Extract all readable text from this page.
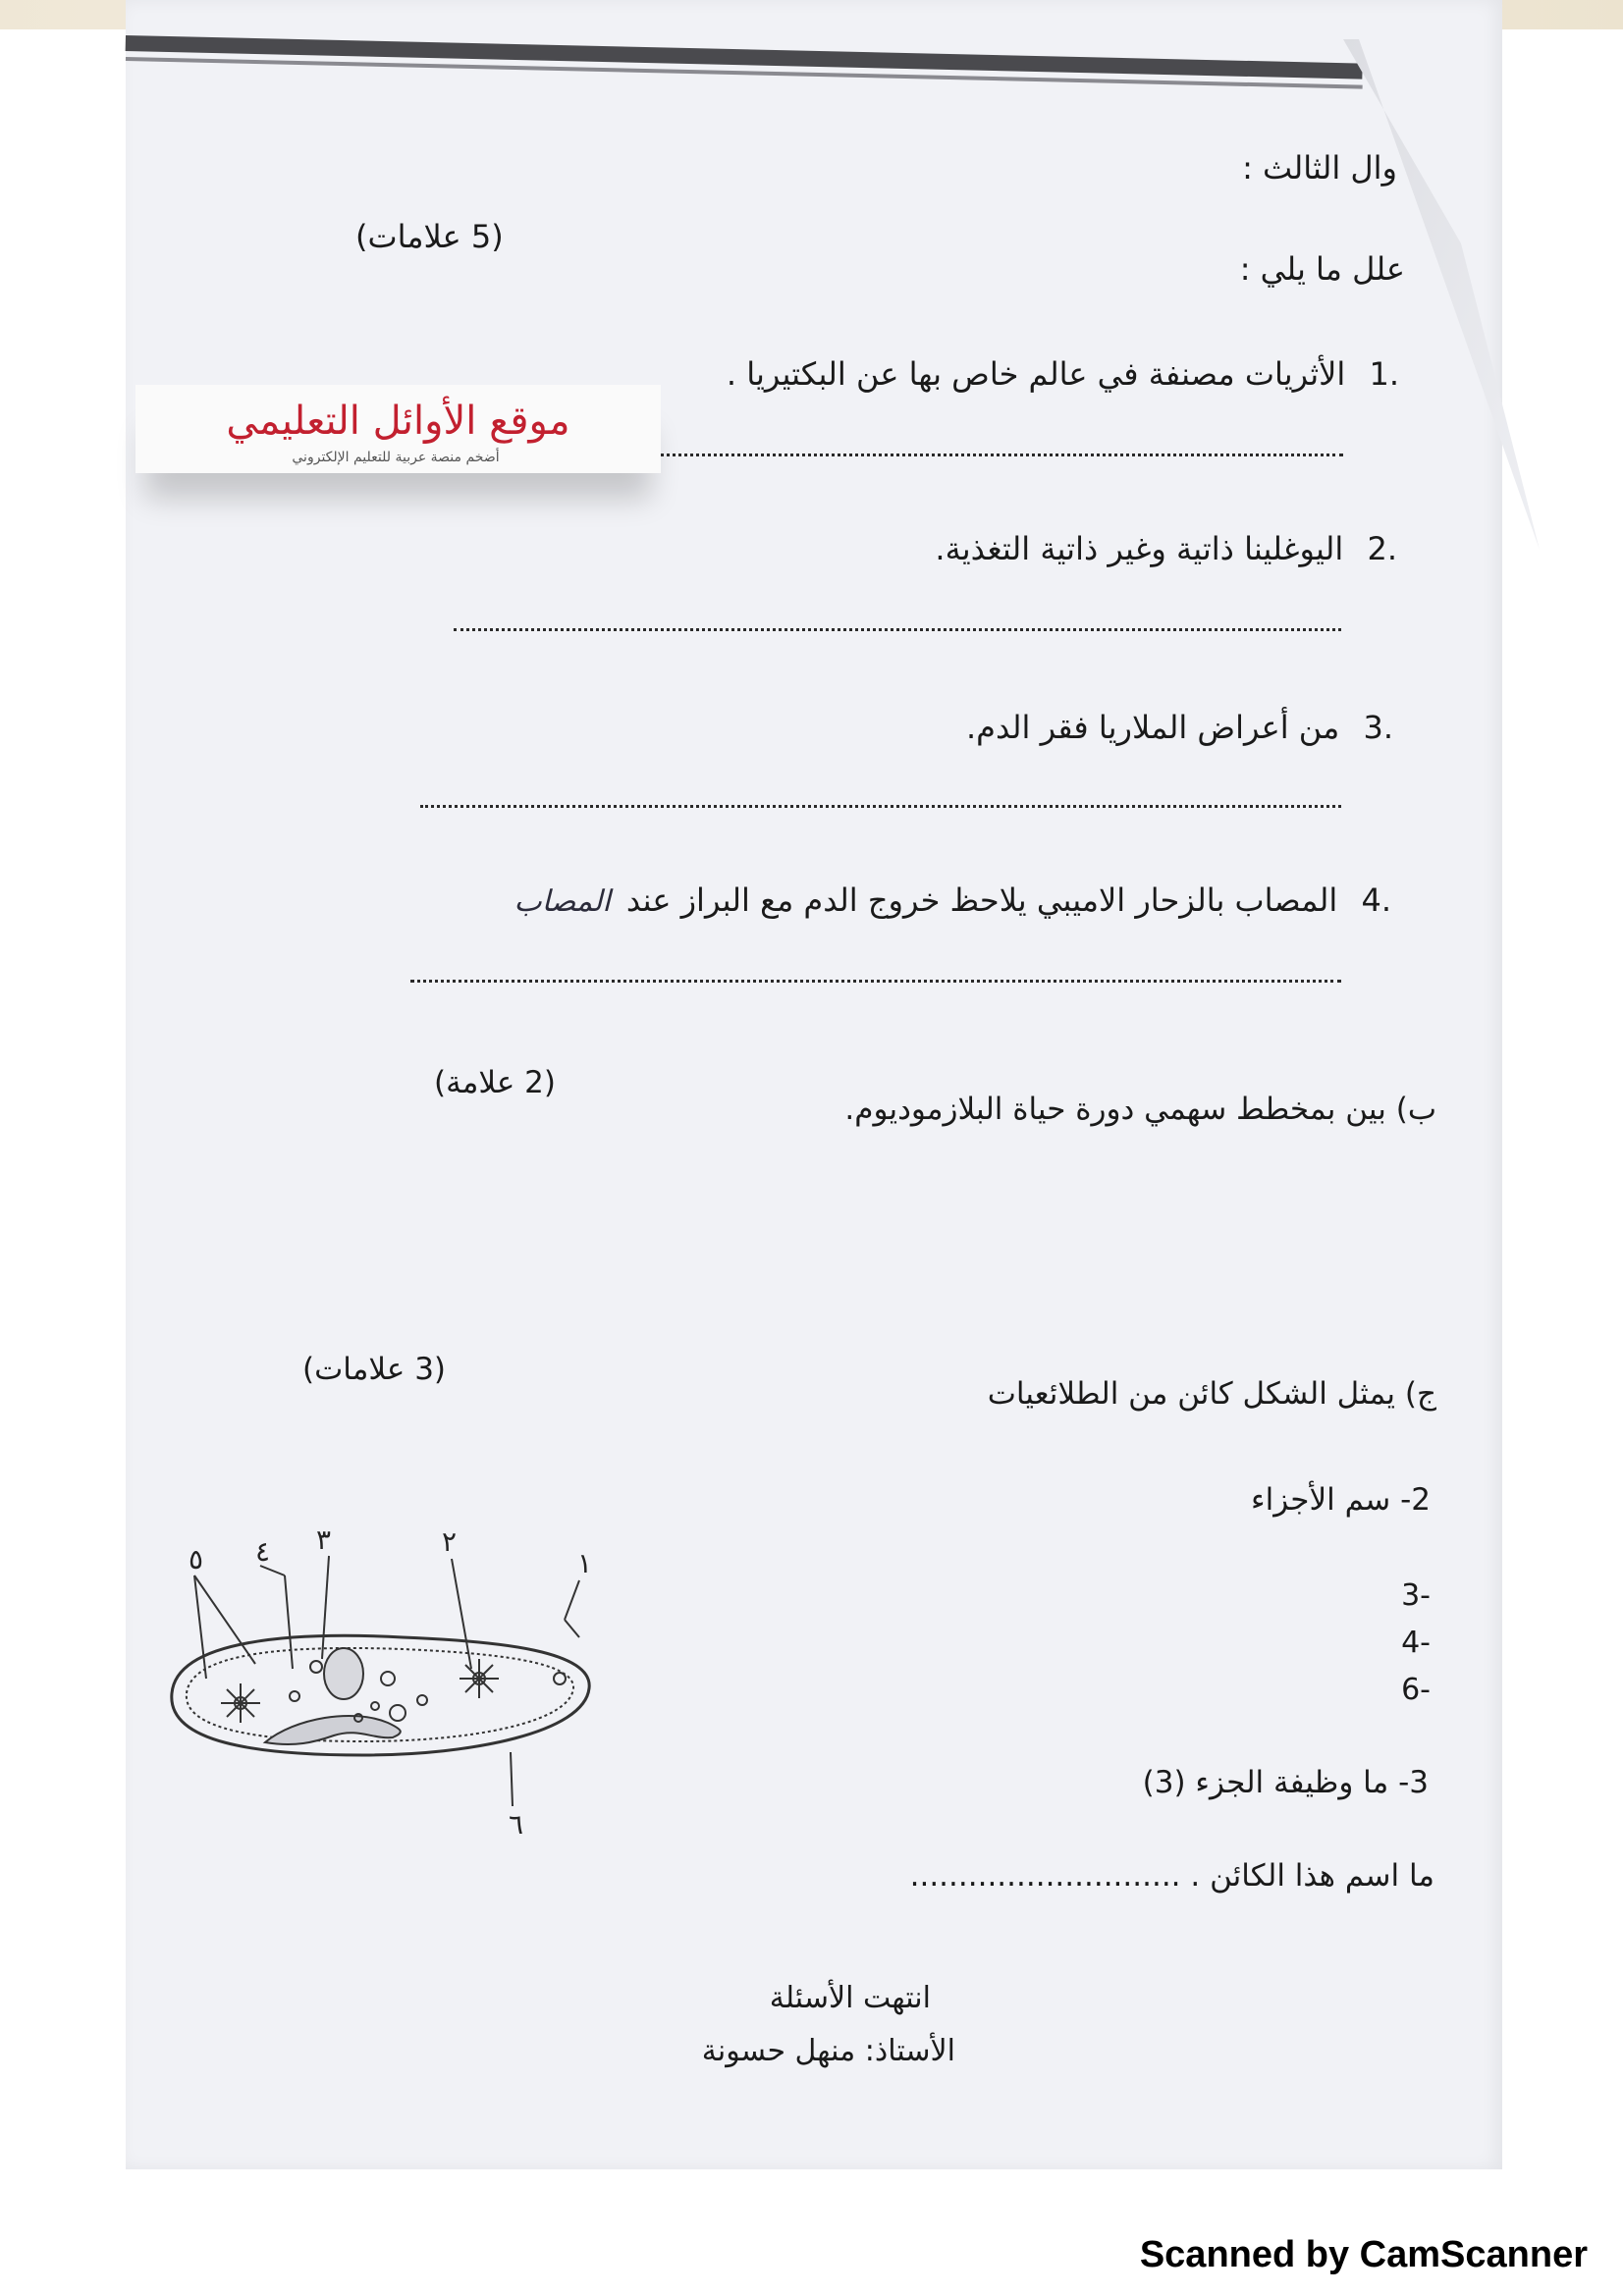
وال الثالث :
علل ما يلي :
(5 علامات)
.1 الأثريات مصنفة في عالم خاص بها عن البكتيريا .
.2 اليوغلينا ذاتية وغير ذاتية التغذية.
.3 من أعراض الملاريا فقر الدم.
.4 المصاب بالزحار الاميبي يلاحظ خروج الدم مع البراز عند المصاب
موقع الأوائل التعليمي
أضخم منصة عربية للتعليم الإلكتروني
ب) بين بمخطط سهمي دورة حياة البلازموديوم.
(2 علامة)
ج) يمثل الشكل كائن من الطلائعيات
(3 علامات)
2- سم الأجزاء
-3
-4
-6
3- ما وظيفة الجزء (3)
ما اسم هذا الكائن . ............................
٥ ٤ ٣	٢
١
٦
انتهت الأسئلة
الأستاذ: منهل حسونة
Scanned by CamScanner
